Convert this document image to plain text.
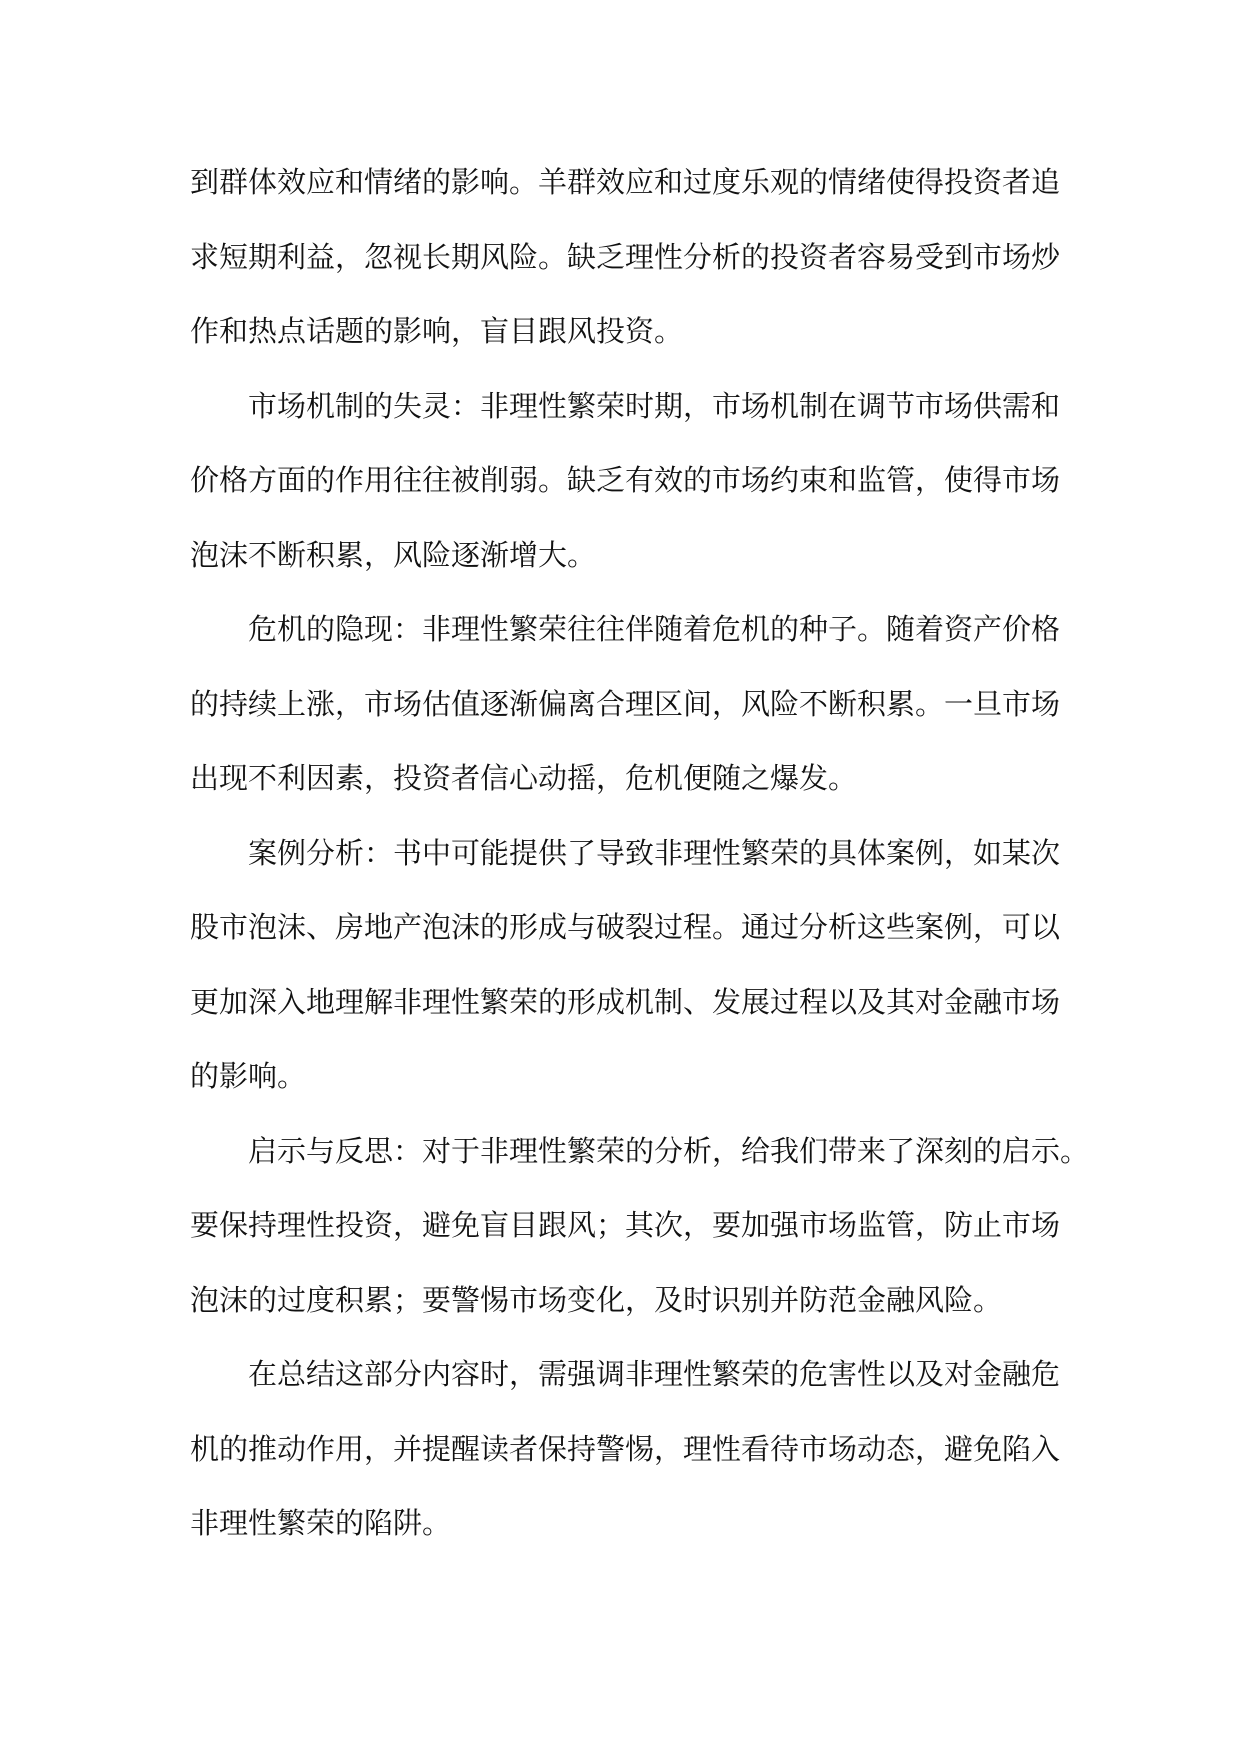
到群体效应和情绪的影响。羊群效应和过度乐观的情绪使得投资者追
求短期利益，忽视长期风险。缺乏理性分析的投资者容易受到市场炒
作和热点话题的影响，盲目跟风投资。
市场机制的失灵：非理性繁荣时期，市场机制在调节市场供需和
价格方面的作用往往被削弱。缺乏有效的市场约束和监管，使得市场
泡沫不断积累，风险逐渐增大。
危机的隐现：非理性繁荣往往伴随着危机的种子。随着资产价格
的持续上涨，市场估值逐渐偏离合理区间，风险不断积累。一旦市场
出现不利因素，投资者信心动摇，危机便随之爆发。
案例分析：书中可能提供了导致非理性繁荣的具体案例，如某次
股市泡沫、房地产泡沫的形成与破裂过程。通过分析这些案例，可以
更加深入地理解非理性繁荣的形成机制、发展过程以及其对金融市场
的影响。
启示与反思：对于非理性繁荣的分析，给我们带来了深刻的启示。
要保持理性投资，避免盲目跟风；其次，要加强市场监管，防止市场
泡沫的过度积累；要警惕市场变化，及时识别并防范金融风险。
在总结这部分内容时，需强调非理性繁荣的危害性以及对金融危
机的推动作用，并提醒读者保持警惕，理性看待市场动态，避免陷入
非理性繁荣的陷阱。
